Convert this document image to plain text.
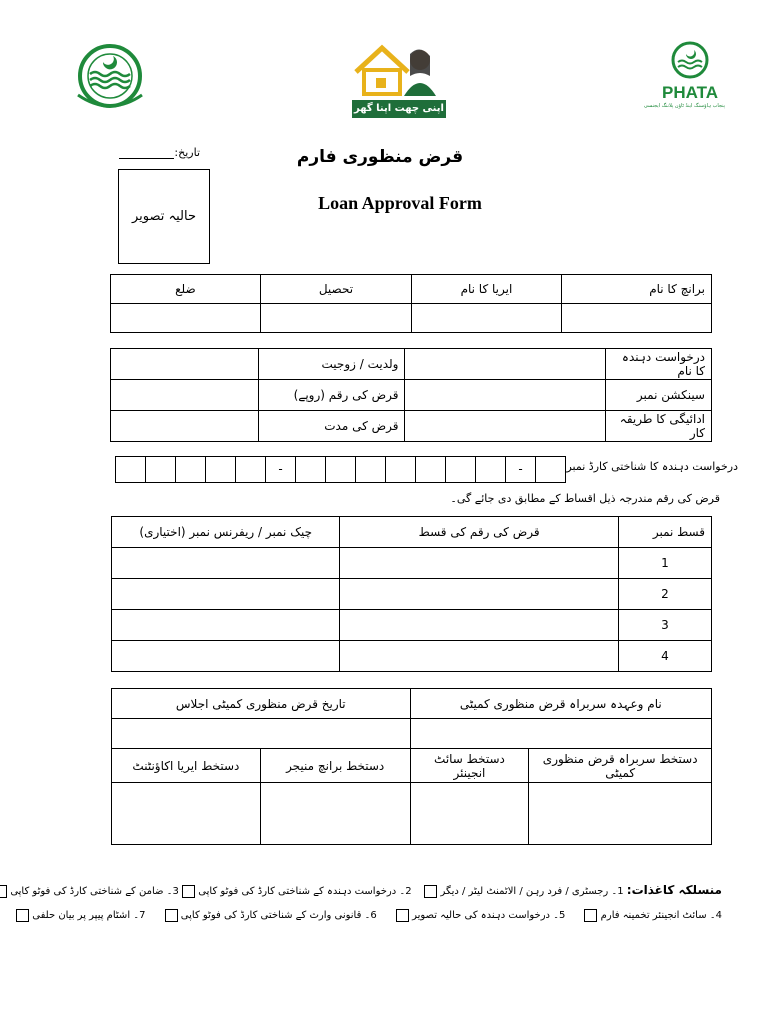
اپنی چھت اپنا گھر
PHATA
پنجاب ہاؤسنگ اینڈ ٹاؤن پلاننگ ایجنسی
تاریخ:	قرض منظوری فارم
Loan Approval Form
حالیہ تصویر
برانچ کا نام	ایریا کا نام	تحصیل	ضلع

درخواست دہندہ کا نام		ولدیت / زوجیت	
سینکشن نمبر		قرض کی رقم (روپے)	
ادائیگی کا طریقہ کار		قرض کی مدت	
درخواست دہندہ کا شناختی کارڈ نمبر
-	-
قرض کی رقم مندرجہ ذیل اقساط کے مطابق دی جائے گی۔
قسط نمبر	قرض کی رقم کی قسط	چیک نمبر / ریفرنس نمبر (اختیاری)
1		
2		
3		
4		
نام وعہدہ سربراہ قرض منظوری کمیٹی		تاریخ قرض منظوری کمیٹی اجلاس	

دستخط سربراہ قرض منظوری کمیٹی	دستخط سائٹ انجینئر	دستخط برانچ منیجر	دستخط ایریا اکاؤنٹنٹ

منسلکہ کاغذات: 1۔ رجسٹری / فرد رہن / الاٹمنٹ لیٹر / دیگر     2۔ درخواست دہندہ کے شناختی کارڈ کی فوٹو کاپی  3۔ ضامن کے شناختی کارڈ کی فوٹو کاپی
4۔ سائٹ انجینئر تخمینہ فارم       5۔ درخواست دہندہ کی حالیہ تصویر       6۔ قانونی وارث کے شناختی کارڈ کی فوٹو کاپی       7۔ اشٹام پیپر پر بیان حلفی
